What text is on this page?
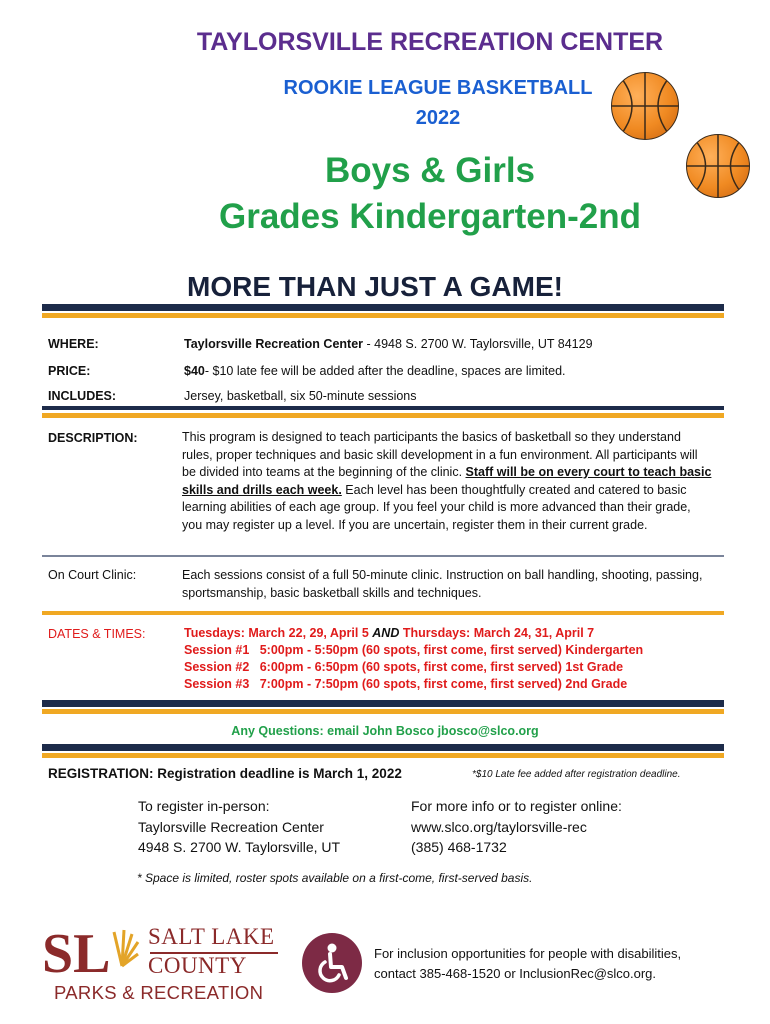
TAYLORSVILLE RECREATION CENTER
ROOKIE LEAGUE BASKETBALL
2022
Boys & Girls
Grades Kindergarten-2nd
MORE THAN JUST A GAME!
WHERE:	Taylorsville Recreation Center - 4948 S. 2700 W. Taylorsville, UT 84129
PRICE:	$40- $10 late fee will be added after the deadline, spaces are limited.
INCLUDES:	Jersey, basketball, six 50-minute sessions
DESCRIPTION:	This program is designed to teach participants the basics of basketball so they understand rules, proper techniques and basic skill development in a fun environment. All participants will be divided into teams at the beginning of the clinic. Staff will be on every court to teach basic skills and drills each week. Each level has been thoughtfully created and catered to basic learning abilities of each age group. If you feel your child is more advanced than their grade, you may register up a level. If you are uncertain, register them in their current grade.
On Court Clinic:	Each sessions consist of a full 50-minute clinic. Instruction on ball handling, shooting, passing, sportsmanship, basic basketball skills and techniques.
DATES & TIMES:	Tuesdays: March 22, 29, April 5 AND Thursdays: March 24, 31, April 7
Session #1   5:00pm - 5:50pm (60 spots, first come, first served) Kindergarten
Session #2   6:00pm - 6:50pm (60 spots, first come, first served) 1st Grade
Session #3   7:00pm - 7:50pm (60 spots, first come, first served) 2nd Grade
Any Questions: email John Bosco jbosco@slco.org
REGISTRATION: Registration deadline is March 1, 2022	*$10 Late fee added after registration deadline.
To register in-person:
Taylorsville Recreation Center
4948 S. 2700 W. Taylorsville, UT
For more info or to register online:
www.slco.org/taylorsville-rec
(385) 468-1732
* Space is limited, roster spots available on a first-come, first-served basis.
SL SALT LAKE
COUNTY
PARKS & RECREATION
For inclusion opportunities for people with disabilities,
contact 385-468-1520 or InclusionRec@slco.org.
